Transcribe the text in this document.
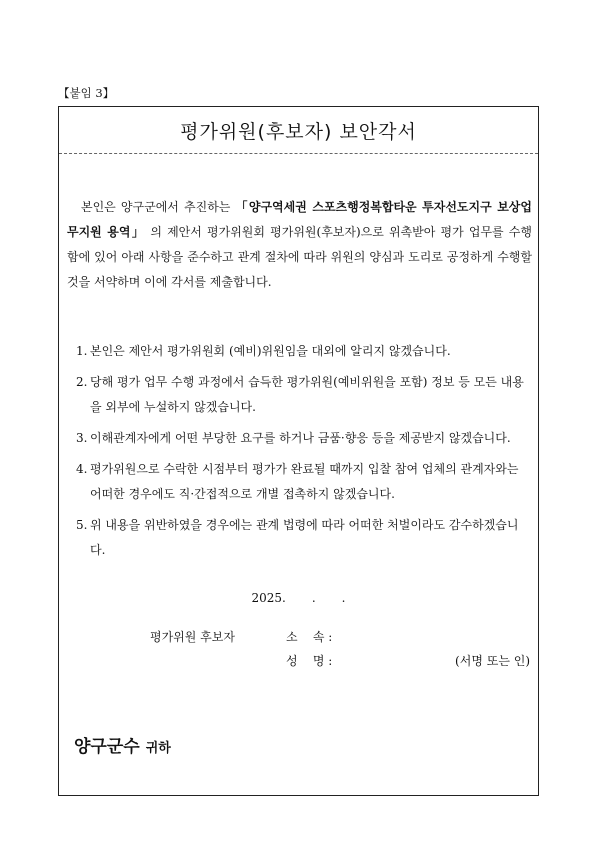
【붙임 3】
평가위원(후보자) 보안각서
본인은 양구군에서 추진하는 「양구역세권 스포츠행정복합타운 투자선도지구 보상업무지원 용역」 의 제안서 평가위원회 평가위원(후보자)으로 위촉받아 평가 업무를 수행 함에 있어 아래 사항을 준수하고 관계 절차에 따라 위원의 양심과 도리로 공정하게 수행할 것을 서약하며 이에 각서를 제출합니다.
1. 본인은 제안서 평가위원회 (예비)위원임을 대외에 알리지 않겠습니다.
2. 당해 평가 업무 수행 과정에서 습득한 평가위원(예비위원을 포함) 정보 등 모든 내용을 외부에 누설하지 않겠습니다.
3. 이해관계자에게 어떤 부당한 요구를 하거나 금품·향응 등을 제공받지 않겠습니다.
4. 평가위원으로 수락한 시점부터 평가가 완료될 때까지 입찰 참여 업체의 관계자와는 어떠한 경우에도 직·간접적으로 개별 접촉하지 않겠습니다.
5. 위 내용을 위반하였을 경우에는 관계 법령에 따라 어떠한 처벌이라도 감수하겠습니다.
2025. . .
평가위원 후보자	소    속 :
성    명 :	(서명 또는 인)
양구군수 귀하
